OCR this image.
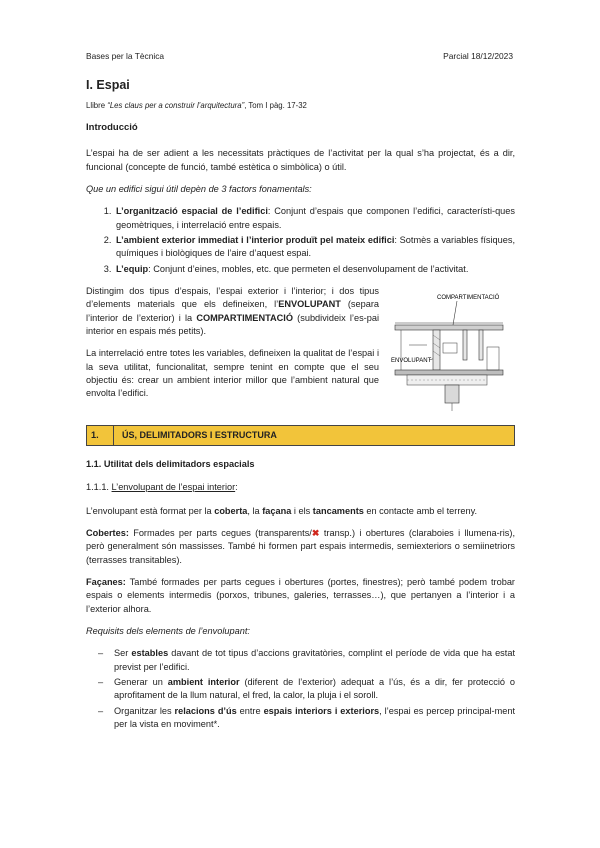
Bases per la Tècnica	Parcial 18/12/2023
I. Espai
Llibre “Les claus per a construir l’arquitectura”, Tom I pàg. 17-32
Introducció

L’espai ha de ser adient a les necessitats pràctiques de l’activitat per la qual s’ha projectat, és a dir, funcional (concepte de funció, també estètica o simbòlica) o útil.

Que un edifici sigui útil depèn de 3 factors fonamentals:

1. L’organització espacial de l’edifici: Conjunt d’espais que componen l’edifici, característi-ques geomètriques, i interrelació entre espais.
2. L’ambient exterior immediat i l’interior produït pel mateix edifici: Sotmès a variables físiques, químiques i biològiques de l’aire d’aquest espai.
3. L’equip: Conjunt d’eines, mobles, etc. que permeten el desenvolupament de l’activitat.

Distingim dos tipus d’espais, l’espai exterior i l’interior; i dos tipus d’elements materials que els defineixen, l’ENVOLUPANT (separa l’interior de l’exterior) i la COMPARTIMENTACIÓ (subdivideix l’es-pai interior en espais més petits).

La interrelació entre totes les variables, defineixen la qualitat de l’espai i la seva utilitat, funcionalitat, sempre tenint en compte que el seu objectiu és: crear un ambient interior millor que l’ambient natural que envolta l’edifici.

COMPARTIMENTACIÓ
ENVOLUPANT
1.	ÚS, DELIMITADORS I ESTRUCTURA
1.1. Utilitat dels delimitadors espacials
1.1.1. L’envolupant de l’espai interior:

L’envolupant està format per la coberta, la façana i els tancaments en contacte amb el terreny.

Cobertes: Formades per parts cegues (transparents/✖ transp.) i obertures (claraboies i llumena-ris), però generalment són massisses. També hi formen part espais intermedis, semiexteriors o semiinetriors (terrasses transitables).

Façanes: També formades per parts cegues i obertures (portes, finestres); però també podem trobar espais o elements intermedis (porxos, tribunes, galeries, terrasses…), que pertanyen a l’interior i a l’exterior alhora.

Requisits dels elements de l’envolupant:

– Ser estables davant de tot tipus d’accions gravitatòries, complint el període de vida que ha estat previst per l’edifici.
– Generar un ambient interior (diferent de l’exterior) adequat a l’ús, és a dir, fer protecció o aprofitament de la llum natural, el fred, la calor, la pluja i el soroll.
– Organitzar les relacions d’ús entre espais interiors i exteriors, l’espai es percep principal-ment per la vista en moviment*.
